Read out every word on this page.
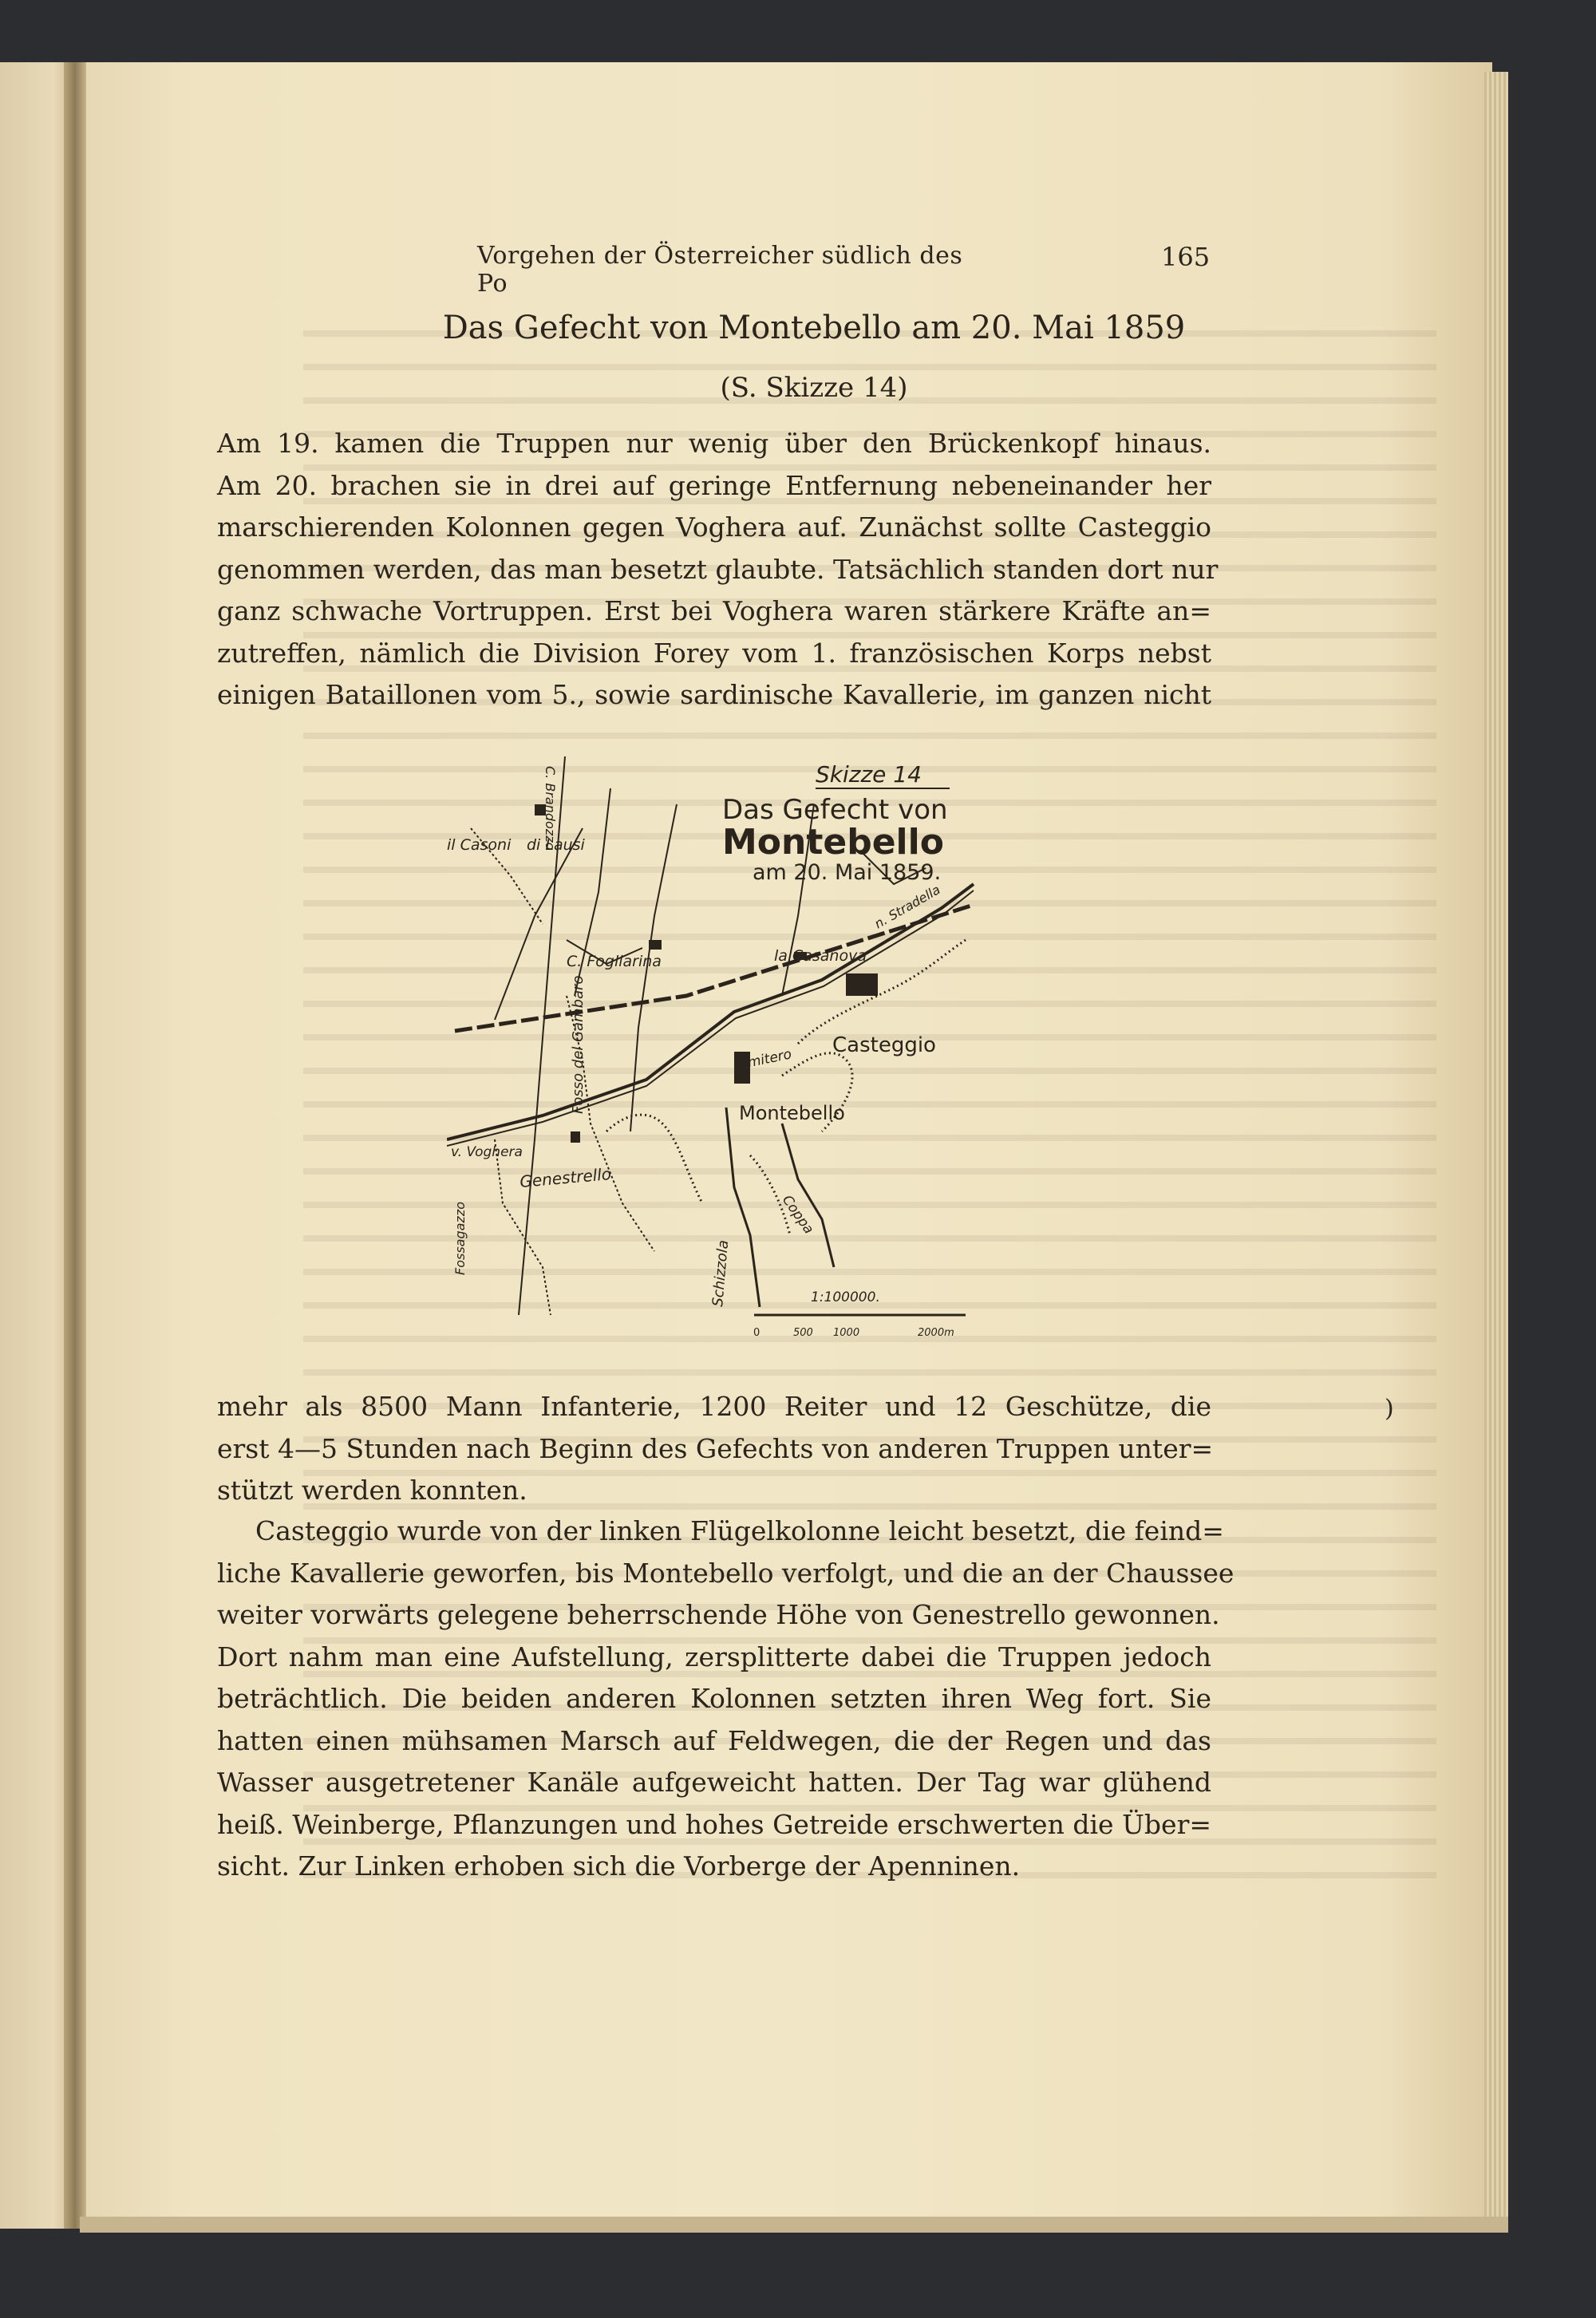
Vorgehen der Österreicher südlich des Po
165
Das Gefecht von Montebello am 20. Mai 1859
(S. Skizze 14)
Am 19. kamen die Truppen nur wenig über den Brückenkopf hinaus.
Am 20. brachen sie in drei auf geringe Entfernung nebeneinander her
marschierenden Kolonnen gegen Voghera auf. Zunächst sollte Casteggio
genommen werden, das man besetzt glaubte. Tatsächlich standen dort nur
ganz schwache Vortruppen. Erst bei Voghera waren stärkere Kräfte an=
zutreffen, nämlich die Division Forey vom 1. französischen Korps nebst
einigen Bataillonen vom 5., sowie sardinische Kavallerie, im ganzen nicht
Skizze 14
Das Gefecht von
Montebello
am 20. Mai 1859.
il Casoni di Lausi
C. Brandozzo
C. Fogliarina	la Casanova
n. Stradella
Casteggio
Cimitero
Montebello
Fosso del Gambaro
v. Voghera
Genestrello
Fossagazzo	Schizzola
Coppa
1:100000.
0	500 1000	2000m
mehr als 8500 Mann Infanterie, 1200 Reiter und 12 Geschütze, die
erst 4—5 Stunden nach Beginn des Gefechts von anderen Truppen unter=
stützt werden konnten.
Casteggio wurde von der linken Flügelkolonne leicht besetzt, die feind=
liche Kavallerie geworfen, bis Montebello verfolgt, und die an der Chaussee
weiter vorwärts gelegene beherrschende Höhe von Genestrello gewonnen.
Dort nahm man eine Aufstellung, zersplitterte dabei die Truppen jedoch
beträchtlich. Die beiden anderen Kolonnen setzten ihren Weg fort. Sie
hatten einen mühsamen Marsch auf Feldwegen, die der Regen und das
Wasser ausgetretener Kanäle aufgeweicht hatten. Der Tag war glühend
heiß. Weinberge, Pflanzungen und hohes Getreide erschwerten die Über=
sicht. Zur Linken erhoben sich die Vorberge der Apenninen.
)
